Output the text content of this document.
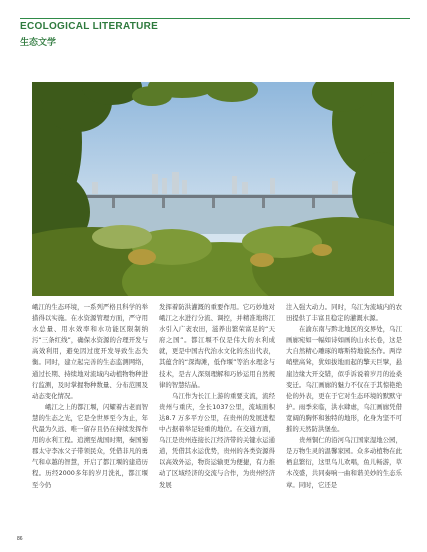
ECOLOGICAL LITERATURE
生态文学

峨江的生态环境，一系列严格且科学的举措得以实施。在水资源管理方面，严守用水总量、用水效率和水功能区限制纳污“三条红线”，确保水资源的合理开发与高效利用，避免因过度开发导致生态失衡。同时，建立起完善的生态监测网络，通过长期、持续地对流域内动植物物种进行监测，及时掌握物种数量、分布范围及动态变化情况。

峨江之上的都江堰，闪耀着古老而智慧的生态之光，它是全世界至今为止，年代最为久远、唯一留存且仍在持续发挥作用的水利工程。追溯至战国时期，秦国蜀郡太守李冰父子带领民众，凭借非凡的勇气和卓越的智慧，开启了都江堰的建造历程。历经2000多年的岁月洗礼，都江堰至今仍

发挥着防洪灌溉的重要作用。它巧妙地对峨江之水进行分流、调控，并精准地将江水引入广袤农田，滋养出繁荣富足的“天府之国”。都江堰不仅是伟大的水利成就，更是中国古代治水文化的杰出代表，其蕴含的“深淘滩，低作堰”等治水理念与技术，是古人深刻理解和巧妙运用自然规律的智慧结晶。

乌江作为长江上游的重要支流，流经贵州与重庆，全长1037公里，流域面积达8.7 万多平方公里，在贵州的发展进程中占据着举足轻重的地位。在交通方面，乌江是贵州连接长江经济带的关键水运通道，凭借其水运优势，贵州的各类资源得以高效外运，物资运输更为便捷，有力推动了区域经济的交流与合作，为贵州经济发展

注入强大动力。同时，乌江为流域内的农田提供了丰富且稳定的灌溉水源。

在渝东南与黔北地区的交界处，乌江画廊宛如一幅如诗如画的山水长卷，这是大自然精心雕琢的喀斯特地貌杰作。两岸峭壁高耸，犹如拔地而起的擎天巨擘，悬崖边缘大开交错，似乎诉说着岁月的沧桑变迁。乌江画廊的魅力不仅在于其惊艳绝伦的外表，更在于它对生态环境的默默守护。雨季来临，洪水肆虐，乌江画廊凭借宽阔的胸怀和独特的地形，化身为坚不可摧的天然防洪堡垒。

贵州铜仁的沿河乌江国家湿地公园，是万物生灵的温馨家园。众多动植物在此栖息繁衍，这里鸟儿欢唱，鱼儿畅游，草木茂盛，共同奏响一曲和谐美妙的生态乐章。同时，它还是

86
